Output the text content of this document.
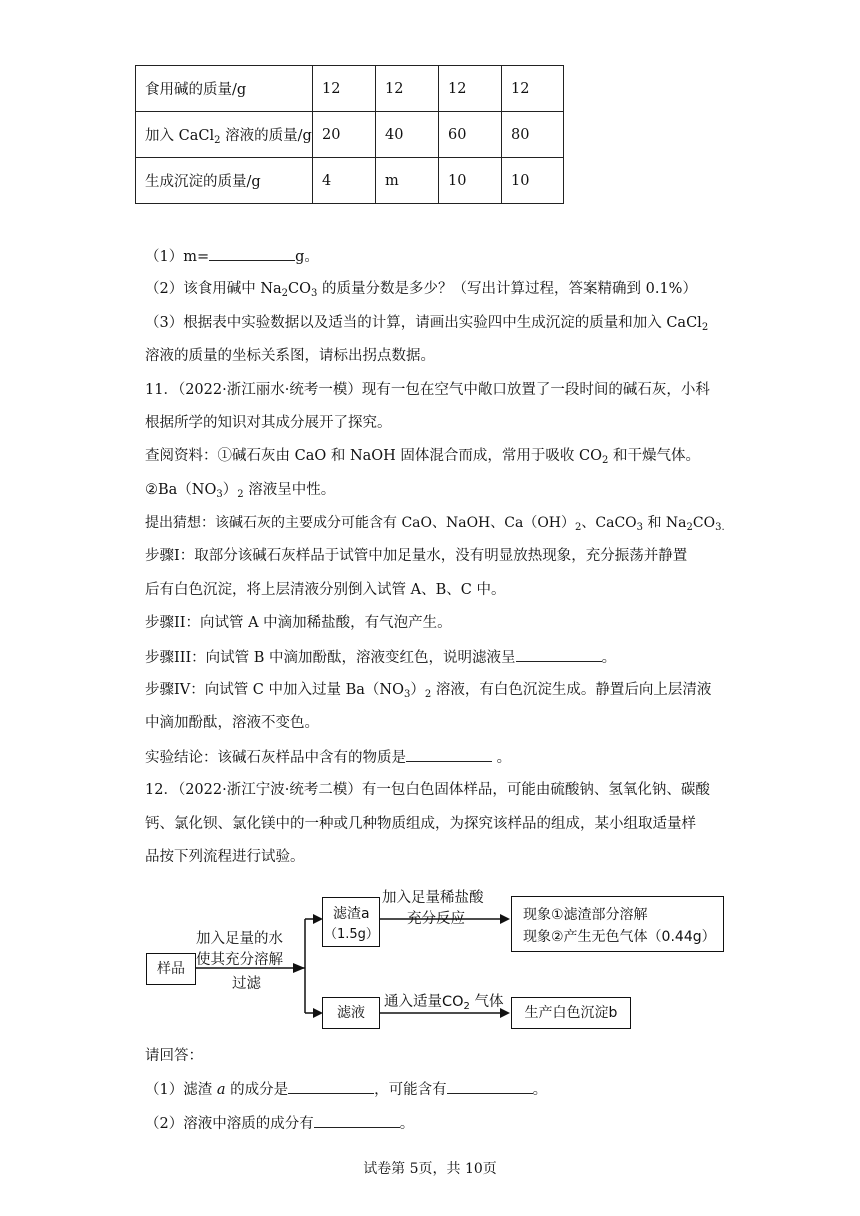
食用碱的质量/g	12	12	12	12
加入 CaCl$_2$ 溶液的质量/g	20	40	60	80
生成沉淀的质量/g	4	m	10	10
（1）m=	g。
（2）该食用碱中 $Na_2CO_3$ 的质量分数是多少？（写出计算过程，答案精确到 0.1%）
（3）根据表中实验数据以及适当的计算，请画出实验四中生成沉淀的质量和加入 CaCl$_2$
溶液的质量的坐标关系图，请标出拐点数据。
11．（2022·浙江丽水·统考一模）现有一包在空气中敞口放置了一段时间的碱石灰，小科
根据所学的知识对其成分展开了探究。
查阅资料：①碱石灰由 CaO 和 NaOH 固体混合而成，常用于吸收 $CO_2$ 和干燥气体。
$②Ba(NO_3)_2$ 溶液呈中性。
提出猜想：该碱石灰的主要成分可能含有 CaO、NaOH、$Ca(OH)_2$、CaCO$_3$ 和 $Na_2CO_{3.}$
步骤I：取部分该碱石灰样品于试管中加足量水，没有明显放热现象，充分振荡并静置
后有白色沉淀，将上层清液分别倒入试管 A、B、C 中。
步骤II：向试管 A 中滴加稀盐酸，有气泡产生。
步骤III：向试管 B 中滴加酚酞，溶液变红色，说明滤液呈	。
步骤IV：向试管 C 中加入过量 $Ba(NO_3)_2$ 溶液，有白色沉淀生成。静置后向上层清液
中滴加酚酞，溶液不变色。
实验结论：该碱石灰样品中含有的物质是	。
12．（2022·浙江宁波·统考二模）有一包白色固体样品，可能由硫酸钠、氢氧化钠、碳酸
钙、氯化钡、氯化镁中的一种或几种物质组成，为探究该样品的组成，某小组取适量样
品按下列流程进行试验。
样品
加入足量的水
使其充分溶解
过滤
滤渣a
（1.5g）
滤液
加入足量稀盐酸
充分反应	现象①滤渣部分溶解
现象②产生无色气体（0.44g）
通入适量$CO_2$ 气体
生产白色沉淀b
请回答：
（1）滤渣 a 的成分是	，可能含有	。
（2）溶液中溶质的成分有	。
试卷第 5页，共 10页
